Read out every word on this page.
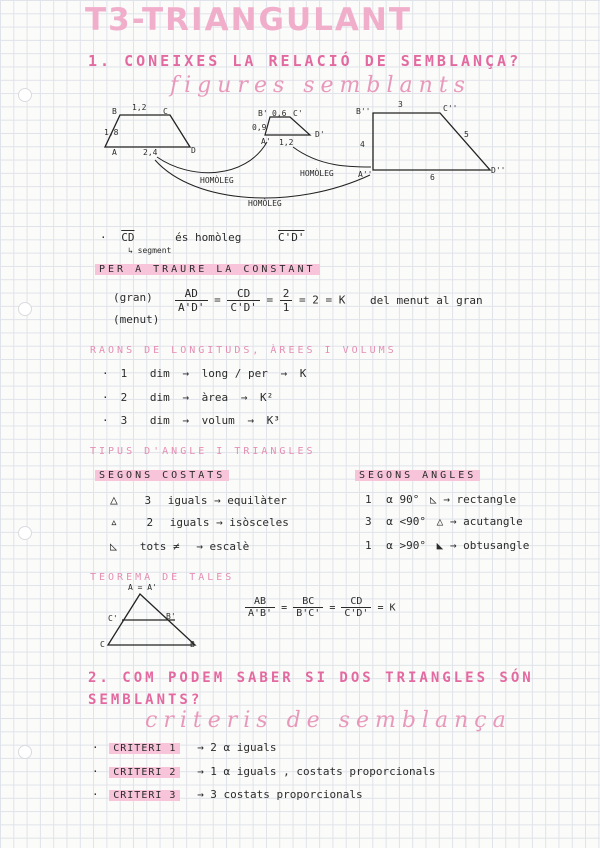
T3-TRIANGULANT
1. CONEIXES LA RELACIÓ DE SEMBLANÇA?
figures semblants
B	C
A	D
1,2
1,8
2,4
B' 0,6 C'
0,9
D'
A' 1,2
B''
3	C''
4
5
A''	6
D''
HOMÒLEG
HOMÒLEG
HOMÒLEG
· $\overline{CD}$	és homòleg	C'D'
↳ segment
PER A TRAURE LA CONSTANT
(gran)
(menut)
$\frac{AD}{A'D'} = \frac{CD}{C'D'} = \frac{2}{1} = 2 = K$ del menut al gran
RAONS DE LONGITUDS, ÀREES I VOLUMS
· 1 dim → long / per → K
· 2 dim → àrea → K²
· 3 dim → volum → K³
TIPUS D'ANGLE I TRIANGLES
SEGONS COSTATS	SEGONS ANGLES
△ 3 iguals → equilàter
▵	2 iguals → isòsceles
◺ tots ≠ → escalè
1 α 90° ◺ → rectangle
3 α <90° △ → acutangle
1 α >90° ◣ → obtusangle
TEOREMA DE TALES
A = A'
C'	B'
C	B
$\frac{AB}{A'B'} = \frac{BC}{B'C'} = \frac{CD}{C'D'} = K$
2. COM PODEM SABER SI DOS TRIANGLES SÓN
SEMBLANTS?
criteris de semblança
· CRITERI 1 → 2 α iguals
· CRITERI 2 → 1 α iguals , costats proporcionals
· CRITERI 3 → 3 costats proporcionals
